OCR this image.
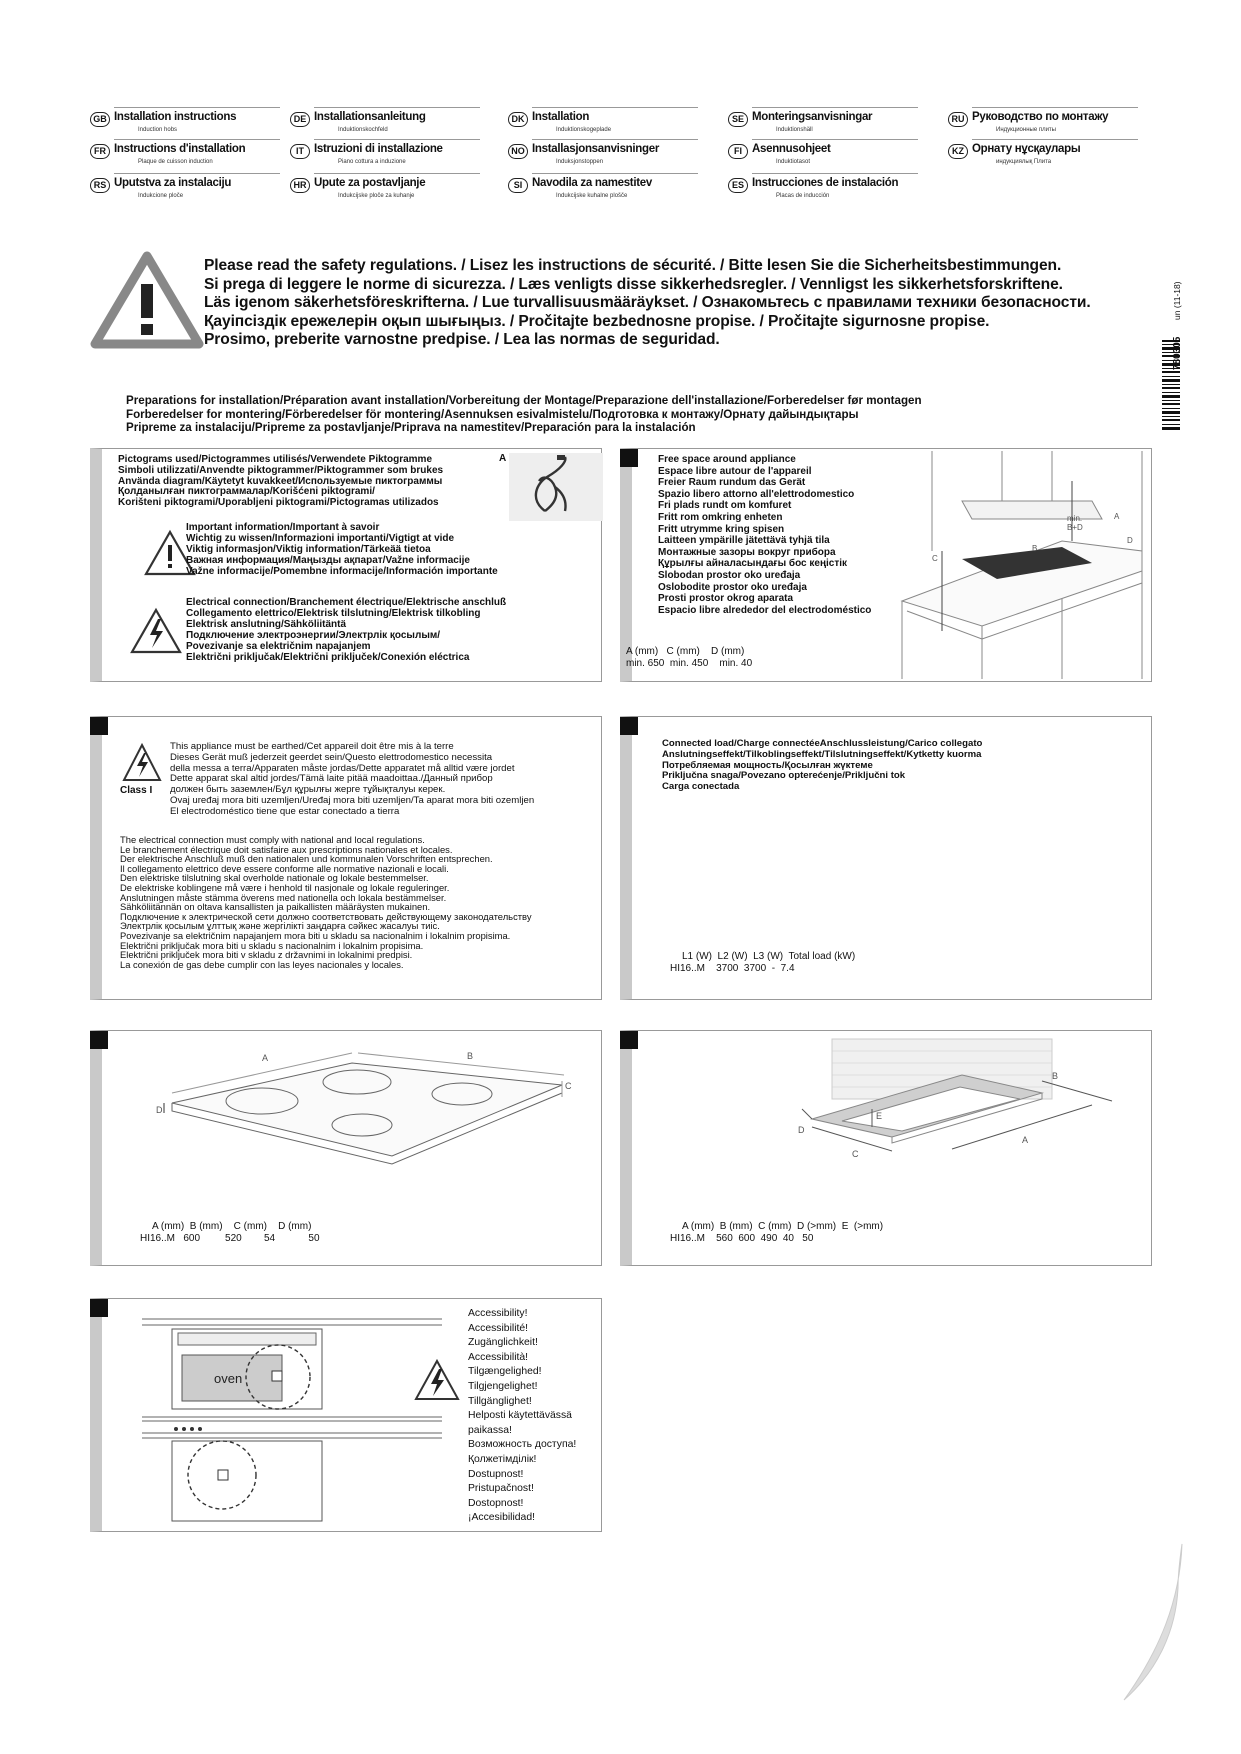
GB Installation instructions
Induction hobs
DE Installationsanleitung
Induktionskochfeld
DK Installation
Induktionskogeplade
SE Monteringsanvisningar
Induktionshäll
RU Руководство по монтажу
Индукционные плиты
FR Instructions d'installation
Plaque de cuisson induction
IT Istruzioni di installazione
Piano cottura a induzione
NO Installasjonsanvisninger
Induksjonstoppen
FI Asennusohjeet
Induktiotasot
KZ Орнату нұсқаулары
индукциялық Плита
RS Uputstva za instalaciju
Indukcione ploče
HR Upute za postavljanje
Indukcijske ploče za kuhanje
SI Navodila za namestitev
Indukcijske kuhalne plošče
ES Instrucciones de instalación
Placas de inducción
Please read the safety regulations. / Lisez les instructions de sécurité. / Bitte lesen Sie die Sicherheitsbestimmungen.
Si prega di leggere le norme di sicurezza. / Læs venligts disse sikkerhedsregler. / Vennligst les sikkerhetsforskriftene.
Läs igenom säkerhetsföreskrifterna. / Lue turvallisuusmääräykset. / Ознакомьтесь с правилами техники безопасности.
Қауіпсіздік ережелерін оқып шығыңыз. / Pročitajte bezbednosne propise. / Pročitajte sigurnosne propise.
Prosimo, preberite varnostne predpise. / Lea las normas de seguridad.	780305
un (11-18)
Preparations for installation/Préparation avant installation/Vorbereitung der Montage/Preparazione dell'installazione/Forberedelser før montagen
Forberedelser for montering/Förberedelser för montering/Asennuksen esivalmistelu/Подготовка к монтажу/Орнату дайындықтары
Pripreme za instalaciju/Pripreme za postavljanje/Priprava na namestitev/Preparación para la instalación
Pictograms used/Pictogrammes utilisés/Verwendete Piktogramme
Simboli utilizzati/Anvendte piktogrammer/Piktogrammer som brukes
Använda diagram/Käytetyt kuvakkeet/Используемые пиктограммы
Қолданылған пиктограммалар/Korišćeni piktogrami/
Korišteni piktogrami/Uporabljeni piktogrami/Pictogramas utilizados
A
Important information/Important à savoir
Wichtig zu wissen/Informazioni importanti/Vigtigt at vide
Viktig informasjon/Viktig information/Tärkeää tietoa
Важная информация/Маңызды ақпарат/Važne informacije
Važne informacije/Pomembne informacije/Información importante
Electrical connection/Branchement électrique/Elektrische anschluß
Collegamento elettrico/Elektrisk tilslutning/Elektrisk tilkobling
Elektrisk anslutning/Sähköliitäntä
Подключение электроэнергии/Электрлік қосылым/
Povezivanje sa električnim napajanjem
Električni priključak/Električni priključek/Conexión eléctrica
Free space around appliance
Espace libre autour de l'appareil
Freier Raum rundum das Gerät
Spazio libero attorno all'elettrodomestico
Fri plads rundt om komfuret
Fritt rom omkring enheten
Fritt utrymme kring spisen
Laitteen ympärille jätettävä tyhjä tila
Монтажные зазоры вокруг прибора
Құрылғы айналасындағы бос кеңістік
Slobodan prostor oko uređaja
Oslobodite prostor oko uređaja
Prosti prostor okrog aparata
Espacio libre alrededor del electrodoméstico
min.
B+D
A
B
C
D
A (mm)   C (mm)    D (mm)
min. 650  min. 450    min. 40
Class I
This appliance must be earthed/Cet appareil doit être mis à la terre
Dieses Gerät muß jederzeit geerdet sein/Questo elettrodomestico necessita
della messa a terra/Apparaten måste jordas/Dette apparatet må alltid være jordet
Dette apparat skal altid jordes/Tämä laite pitää maadoittaa./Данный прибор
должен быть заземлен/Бұл құрылғы жерге тұйықталуы керек.
Ovaj uređaj mora biti uzemljen/Uređaj mora biti uzemljen/Ta aparat mora biti ozemljen
El electrodoméstico tiene que estar conectado a tierra
The electrical connection must comply with national and local regulations.
Le branchement électrique doit satisfaire aux prescriptions nationales et locales.
Der elektrische Anschluß muß den nationalen und kommunalen Vorschriften entsprechen.
Il collegamento elettrico deve essere conforme alle normative nazionali e locali.
Den elektriske tilslutning skal overholde nationale og lokale bestemmelser.
De elektriske koblingene må være i henhold til nasjonale og lokale reguleringer.
Anslutningen måste stämma överens med nationella och lokala bestämmelser.
Sähköliitännän on oltava kansallisten ja paikallisten määräysten mukainen.
Подключение к электрической сети должно соответствовать действующему законодательству
Электрлік қосылым ұлттық және жергілікті заңдарға сәйкес жасалуы тиіс.
Povezivanje sa električnim napajanjem mora biti u skladu sa nacionalnim i lokalnim propisima.
Električni priključak mora biti u skladu s nacionalnim i lokalnim propisima.
Električni priključek mora biti v skladu z državnimi in lokalnimi predpisi.
La conexión de gas debe cumplir con las leyes nacionales y locales.
Connected load/Charge connectéeAnschlussleistung/Carico collegato
Anslutningseffekt/Tilkoblingseffekt/Tilslutningseffekt/Kytketty kuorma
Потребляемая мощность/Қосылған жүктеме
Priključna snaga/Povezano opterećenje/Priključni tok
Carga conectada
L1 (W)  L2 (W)  L3 (W)  Total load (kW)
HI16..M    3700  3700  -  7.4
A	B
C
D
A (mm)  B (mm)    C (mm)    D (mm)
HI16..M   600         520        54            50
B
A
C
D
E
A (mm)  B (mm)  C (mm)  D (>mm)  E  (>mm)
HI16..M    560  600  490  40   50
oven
Accessibility!
Accessibilité!
Zugänglichkeit!
Accessibilità!
Tilgængelighed!
Tilgjengelighet!
Tillgänglighet!
Helposti käytettävässä
paikassa!
Возможность доступа!
Қолжетімділік!
Dostupnost!
Pristupačnost!
Dostopnost!
¡Accesibilidad!
